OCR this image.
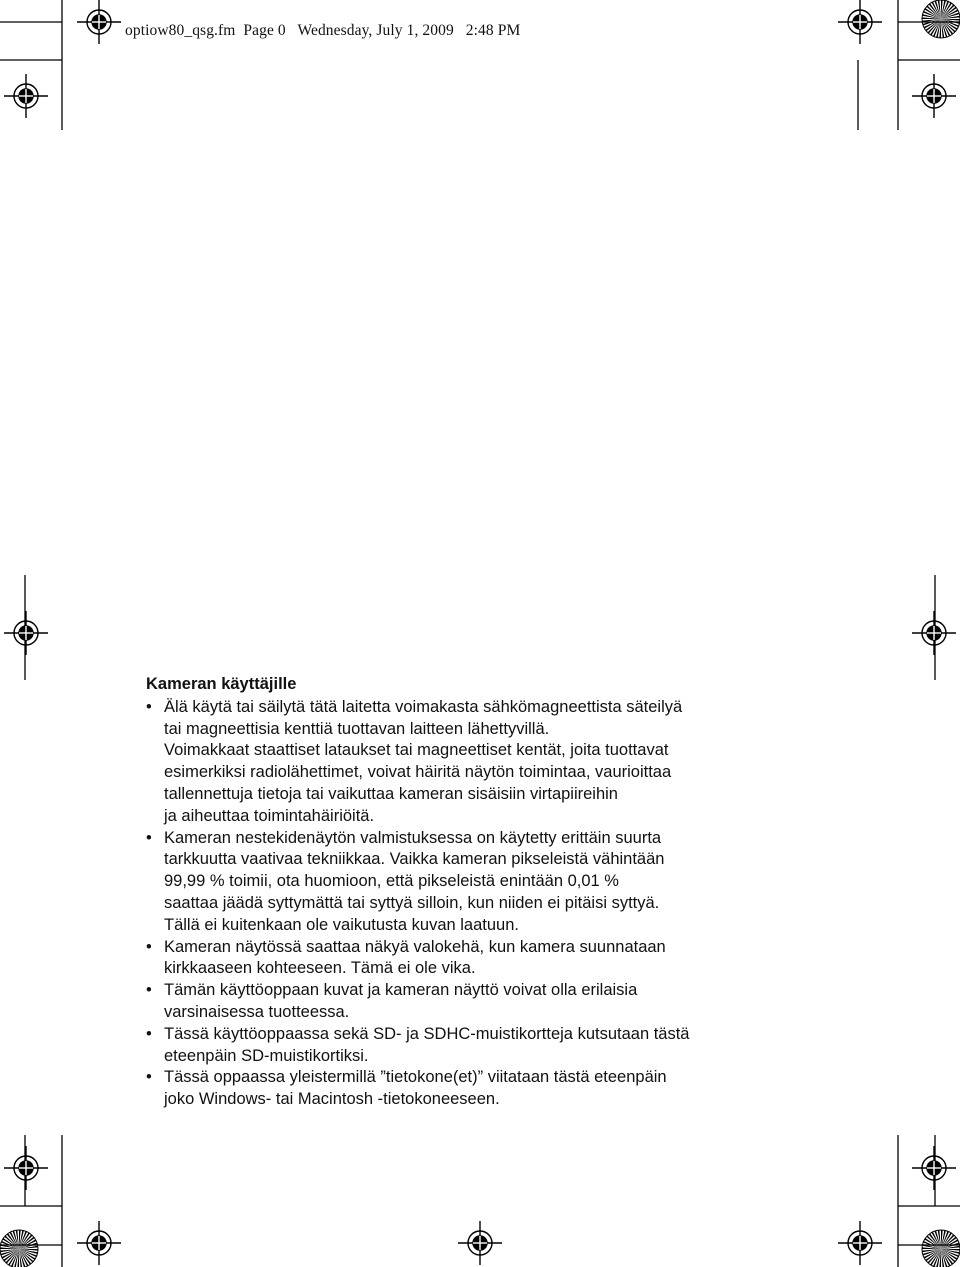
optiow80_qsg.fm Page 0 Wednesday, July 1, 2009 2:48 PM
Kameran käyttäjille
• Älä käytä tai säilytä tätä laitetta voimakasta sähkömagneettista säteilyä
tai magneettisia kenttiä tuottavan laitteen lähettyvillä.
Voimakkaat staattiset lataukset tai magneettiset kentät, joita tuottavat
esimerkiksi radiolähettimet, voivat häiritä näytön toimintaa, vaurioittaa
tallennettuja tietoja tai vaikuttaa kameran sisäisiin virtapiireihin
ja aiheuttaa toimintahäiriöitä.

• Kameran nestekidenäytön valmistuksessa on käytetty erittäin suurta
tarkkuutta vaativaa tekniikkaa. Vaikka kameran pikseleistä vähintään
99,99 % toimii, ota huomioon, että pikseleistä enintään 0,01 %
saattaa jäädä syttymättä tai syttyä silloin, kun niiden ei pitäisi syttyä.
Tällä ei kuitenkaan ole vaikutusta kuvan laatuun.

• Kameran näytössä saattaa näkyä valokehä, kun kamera suunnataan
kirkkaaseen kohteeseen. Tämä ei ole vika.

• Tämän käyttöoppaan kuvat ja kameran näyttö voivat olla erilaisia
varsinaisessa tuotteessa.

• Tässä käyttöoppaassa sekä SD- ja SDHC-muistikortteja kutsutaan tästä
eteenpäin SD-muistikortiksi.

• Tässä oppaassa yleistermillä ”tietokone(et)” viitataan tästä eteenpäin
joko Windows- tai Macintosh -tietokoneeseen.
